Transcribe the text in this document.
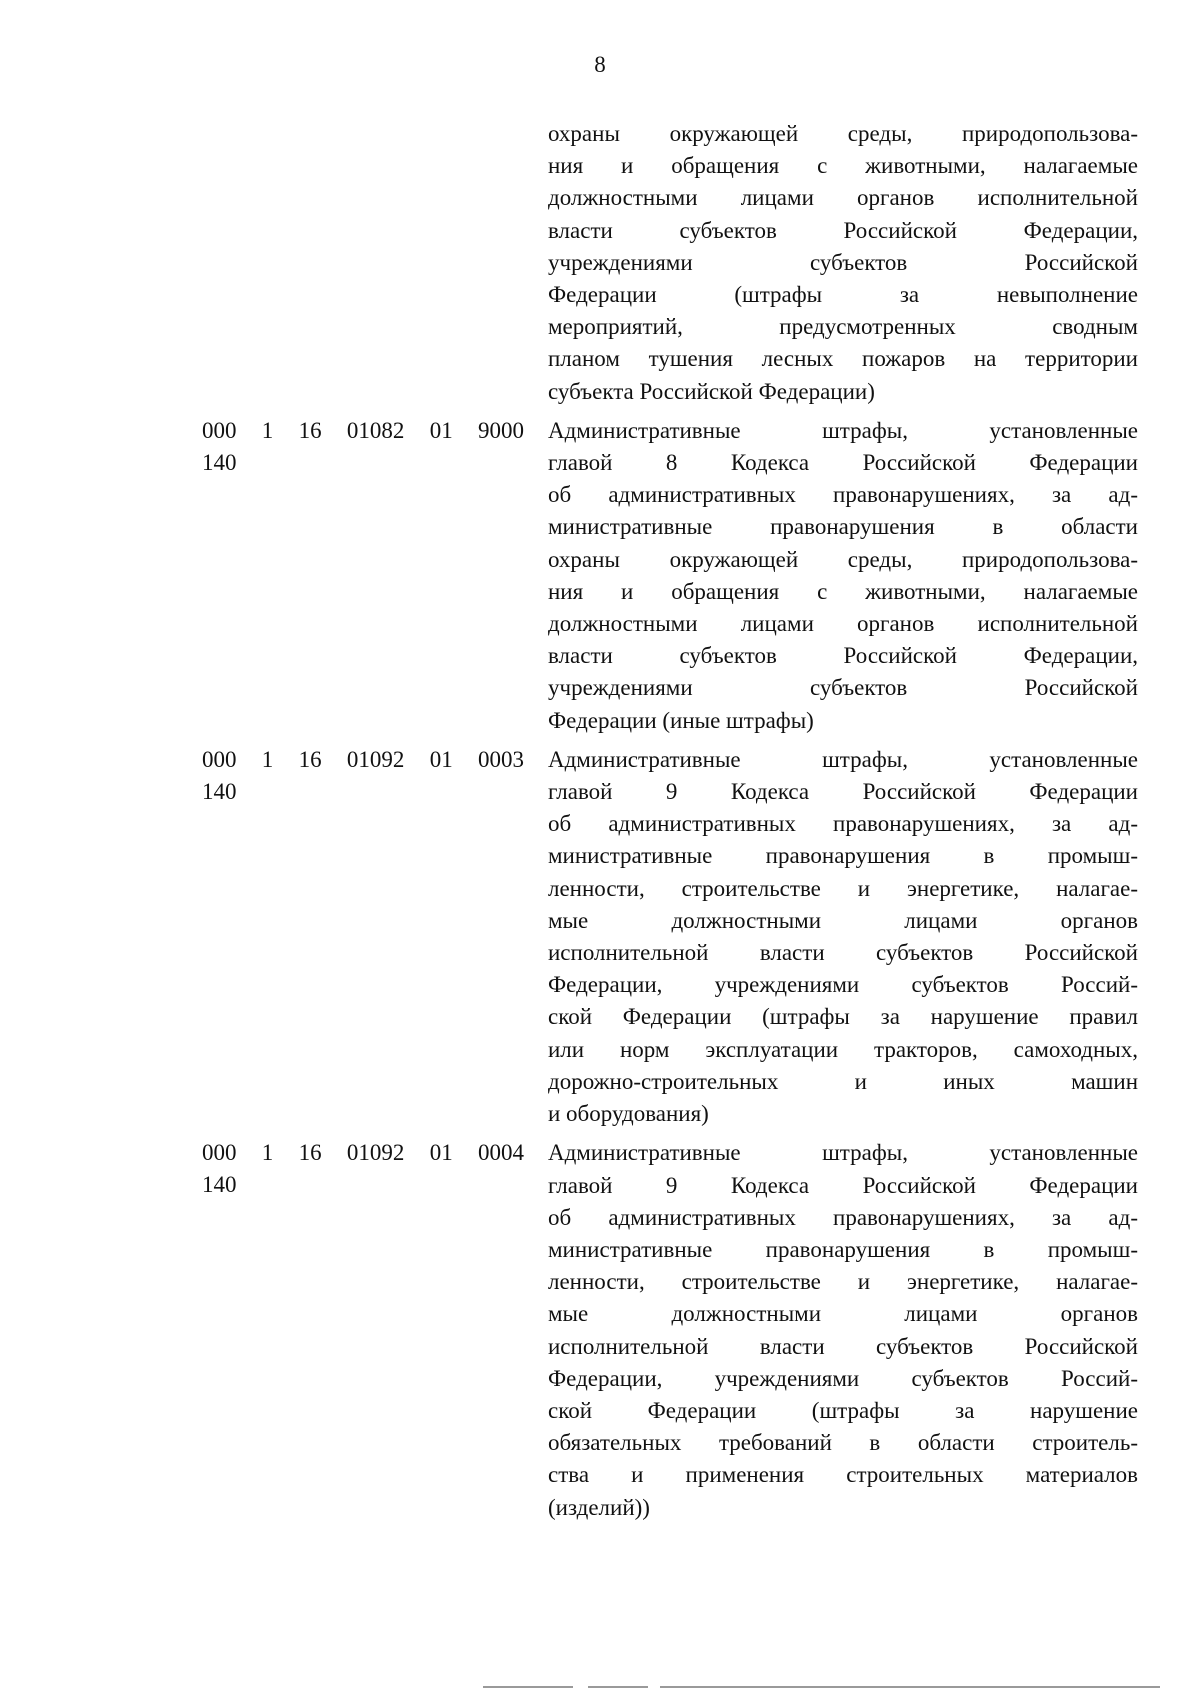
8
охраны окружающей среды, природопользова-
ния и обращения с животными, налагаемые
должностными лицами органов исполнительной
власти субъектов Российской Федерации,
учреждениями субъектов Российской
Федерации (штрафы за невыполнение
мероприятий, предусмотренных сводным
планом тушения лесных пожаров на территории
субъекта Российской Федерации)
000 1 16 01082 01 9000
140
Административные штрафы, установленные
главой 8 Кодекса Российской Федерации
об административных правонарушениях, за ад-
министративные правонарушения в области
охраны окружающей среды, природопользова-
ния и обращения с животными, налагаемые
должностными лицами органов исполнительной
власти субъектов Российской Федерации,
учреждениями субъектов Российской
Федерации (иные штрафы)
000 1 16 01092 01 0003
140
Административные штрафы, установленные
главой 9 Кодекса Российской Федерации
об административных правонарушениях, за ад-
министративные правонарушения в промыш-
ленности, строительстве и энергетике, налагае-
мые должностными лицами органов
исполнительной власти субъектов Российской
Федерации, учреждениями субъектов Россий-
ской Федерации (штрафы за нарушение правил
или норм эксплуатации тракторов, самоходных,
дорожно-строительных и иных машин
и оборудования)
000 1 16 01092 01 0004
140
Административные штрафы, установленные
главой 9 Кодекса Российской Федерации
об административных правонарушениях, за ад-
министративные правонарушения в промыш-
ленности, строительстве и энергетике, налагае-
мые должностными лицами органов
исполнительной власти субъектов Российской
Федерации, учреждениями субъектов Россий-
ской Федерации (штрафы за нарушение
обязательных требований в области строитель-
ства и применения строительных материалов
(изделий))
